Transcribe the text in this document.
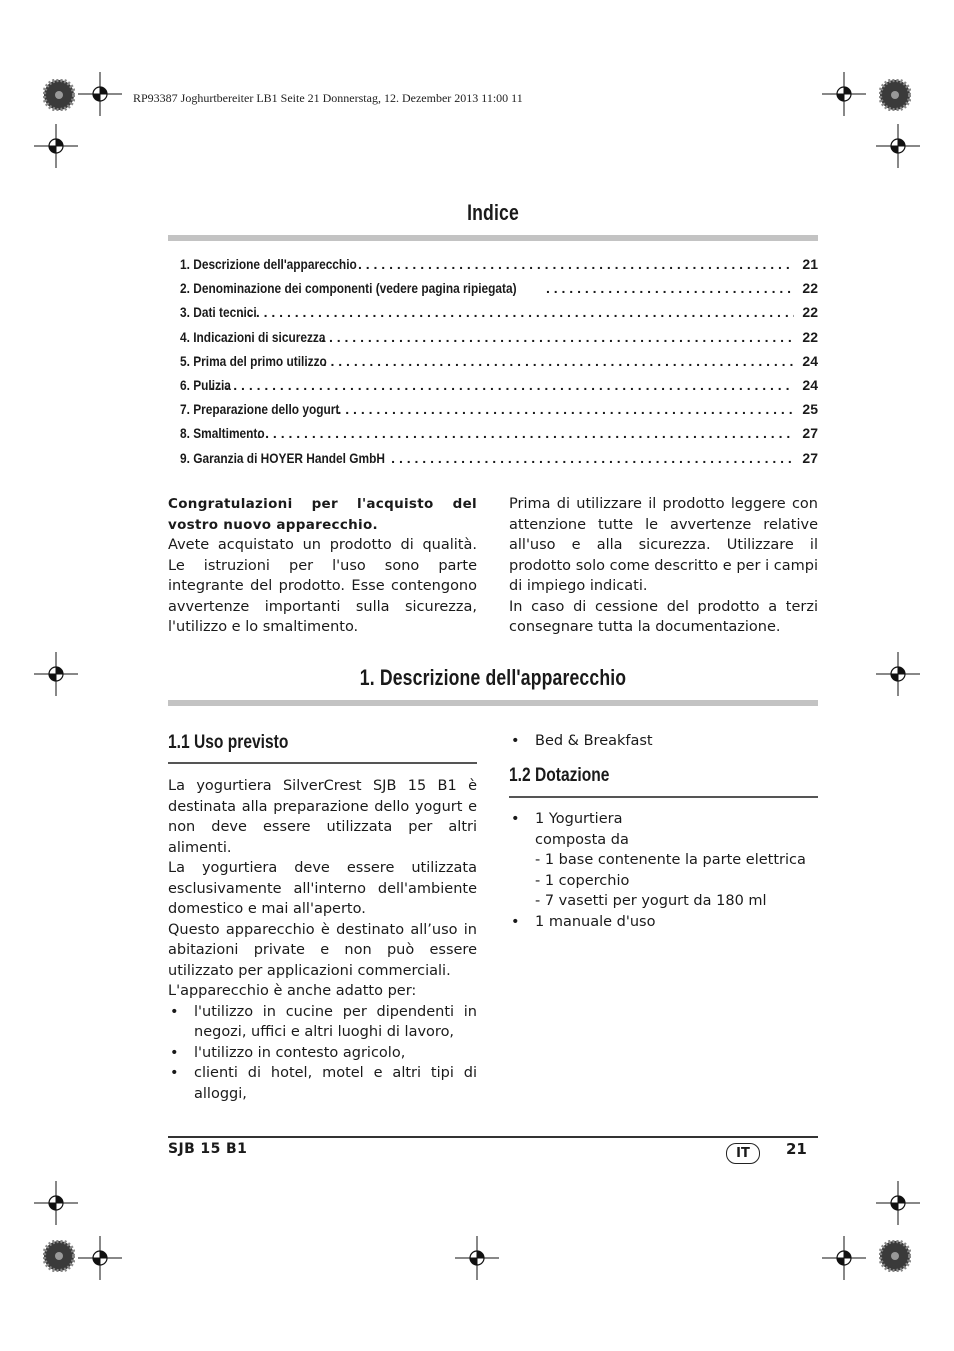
RP93387 Joghurtbereiter LB1 Seite 21 Donnerstag, 12. Dezember 2013 11:00 11
Indice
1. Descrizione dell'apparecchio . . .	21
2. Denominazione dei componenti (vedere pagina ripiegata) . . .	22
3. Dati tecnici . . .	22
4. Indicazioni di sicurezza . . .	22
5. Prima del primo utilizzo . . .	24
6. Pulizia . . .	24
7. Preparazione dello yogurt . . .	25
8. Smaltimento . . .	27
9. Garanzia di HOYER Handel GmbH . . .	27

Congratulazioni per l'acquisto del vostro nuovo apparecchio.

Avete acquistato un prodotto di qualità. Le istruzioni per l'uso sono parte integrante del prodotto. Esse contengono avvertenze importanti sulla sicurezza, l'utilizzo e lo smaltimento.

Prima di utilizzare il prodotto leggere con attenzione tutte le avvertenze relative all'uso e alla sicurezza. Utilizzare il prodotto solo come descritto e per i campi di impiego indicati.

In caso di cessione del prodotto a terzi consegnare tutta la documentazione.

1. Descrizione dell'apparecchio
1.1 Uso previsto

La yogurtiera SilverCrest SJB 15 B1 è destinata alla preparazione dello yogurt e non deve essere utilizzata per altri alimenti.

La yogurtiera deve essere utilizzata esclusivamente all'interno dell'ambiente domestico e mai all'aperto.

Questo apparecchio è destinato all’uso in abitazioni private e non può essere utilizzato per applicazioni commerciali.

L'apparecchio è anche adatto per:

• l'utilizzo in cucine per dipendenti in negozi, uffici e altri luoghi di lavoro,
• l'utilizzo in contesto agricolo,
• clienti di hotel, motel e altri tipi di alloggi,
• Bed & Breakfast
1.2 Dotazione
• 1 Yogurtiera
composta da
- 1 base contenente la parte elettrica
- 1 coperchio
- 7 vasetti per yogurt da 180 ml
• 1 manuale d'uso
SJB 15 B1	IT	21
